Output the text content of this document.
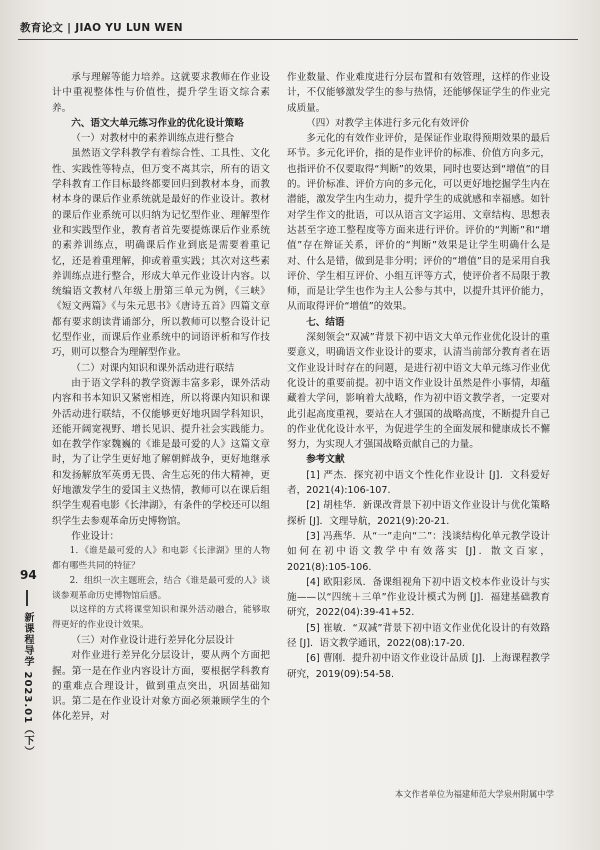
教育论文 | JIAO YU LUN WEN
94
新课程导学 2023.01（下）

承与理解等能力培养。这就要求教师在作业设计中重视整体性与价值性，提升学生语文综合素养。

六、语文大单元练习作业的优化设计策略

（一）对教材中的素养训练点进行整合

虽然语文学科教学有着综合性、工具性、文化性、实践性等特点，但万变不离其宗，所有的语文学科教育工作目标最终都要回归到教材本身，而教材本身的课后作业系统就是最好的作业设计。教材的课后作业系统可以归纳为记忆型作业、理解型作业和实践型作业，教育者首先要提炼课后作业系统的素养训练点，明确课后作业到底是需要着重记忆，还是着重理解，抑或着重实践；其次对这些素养训练点进行整合，形成大单元作业设计内容。以统编语文教材八年级上册第三单元为例，《三峡》《短文两篇》《与朱元思书》《唐诗五首》四篇文章都有要求朗读背诵部分，所以教师可以整合设计记忆型作业，而课后作业系统中的词语评析和写作技巧，则可以整合为理解型作业。

（二）对课内知识和课外活动进行联结

由于语文学科的教学资源丰富多彩，课外活动内容和书本知识又紧密相连，所以将课内知识和课外活动进行联结，不仅能够更好地巩固学科知识，还能开阔宽视野、增长见识、提升社会实践能力。如在教学作家魏巍的《谁是最可爱的人》这篇文章时，为了让学生更好地了解朝鲜战争，更好地继承和发扬解放军英勇无畏、舍生忘死的伟大精神，更好地激发学生的爱国主义热情，教师可以在课后组织学生观看电影《长津湖》，有条件的学校还可以组织学生去参观革命历史博物馆。

作业设计：

1．《谁是最可爱的人》和电影《长津湖》里的人物都有哪些共同的特征？

2．组织一次主题班会，结合《谁是最可爱的人》谈谈参观革命历史博物馆后感。

以这样的方式将课堂知识和课外活动融合，能够取得更好的作业设计效果。

（三）对作业设计进行差异化分层设计

对作业进行差异化分层设计，要从两个方面把握。第一是在作业内容设计方面，要根据学科教育的重难点合理设计，做到重点突出，巩固基础知识。第二是在作业设计对象方面必须兼顾学生的个体化差异，对

作业数量、作业难度进行分层布置和有效管理，这样的作业设计，不仅能够激发学生的参与热情，还能够保证学生的作业完成质量。

（四）对教学主体进行多元化有效评价

多元化的有效作业评价，是保证作业取得预期效果的最后环节。多元化评价，指的是作业评价的标准、价值方向多元，也指评价不仅要取得“判断”的效果，同时也要达到“增值”的目的。评价标准、评价方向的多元化，可以更好地挖掘学生内在潜能，激发学生内生动力，提升学生的成就感和幸福感。如针对学生作文的批语，可以从语言文字运用、文章结构、思想表达甚至字迹工整程度等方面来进行评价。评价的“判断”和“增值”存在辩证关系，评价的“判断”效果是让学生明确什么是对、什么是错，做到是非分明；评价的“增值”目的是采用自我评价、学生相互评价、小组互评等方式，使评价者不局限于教师，而是让学生也作为主人公参与其中，以提升其评价能力，从而取得评价“增值”的效果。

七、结语

深刻领会“双减”背景下初中语文大单元作业优化设计的重要意义，明确语文作业设计的要求，认清当前部分教育者在语文作业设计时存在的问题，是进行初中语文大单元练习作业优化设计的重要前提。初中语文作业设计虽然是件小事情，却蕴藏着大学问，影响着大战略，作为初中语文教学者，一定要对此引起高度重视，要站在人才强国的战略高度，不断提升自己的作业优化设计水平，为促进学生的全面发展和健康成长不懈努力，为实现人才强国战略贡献自己的力量。

参考文献

[1] 严杰．探究初中语文个性化作业设计 [J]．文科爱好者，2021(4):106-107.

[2] 胡桂华．新课改背景下初中语文作业设计与优化策略探析 [J]．文理导航，2021(9):20-21.

[3] 冯燕华．从“一”走向“二”：浅谈结构化单元教学设计如何在初中语文教学中有效落实 [J]．散文百家，2021(8):105-106.

[4] 欧阳彩凤．备课组视角下初中语文校本作业设计与实施——以“四统＋三单”作业设计模式为例 [J]．福建基础教育研究，2022(04):39-41+52.

[5] 崔敏．“双减”背景下初中语文作业优化设计的有效路径 [J]．语文教学通讯，2022(08):17-20.

[6] 曹刚．提升初中语文作业设计品质 [J]．上海课程教学研究，2019(09):54-58.

本文作者单位为福建师范大学泉州附属中学
